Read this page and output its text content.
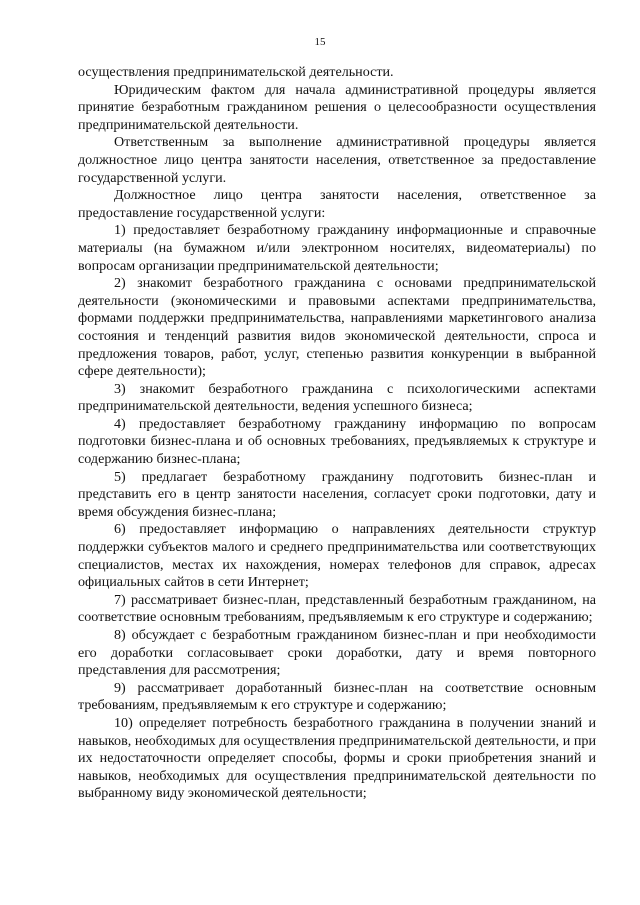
15

осуществления предпринимательской деятельности.

Юридическим фактом для начала административной процедуры является принятие безработным гражданином решения о целесообразности осуществления предпринимательской деятельности.

Ответственным за выполнение административной процедуры является должностное лицо центра занятости населения, ответственное за предоставление государственной услуги.

Должностное лицо центра занятости населения, ответственное за предоставление государственной услуги:

1) предоставляет безработному гражданину информационные и справочные материалы (на бумажном и/или электронном носителях, видеоматериалы) по вопросам организации предпринимательской деятельности;

2) знакомит безработного гражданина с основами предпринимательской деятельности (экономическими и правовыми аспектами предпринимательства, формами поддержки предпринимательства, направлениями маркетингового анализа состояния и тенденций развития видов экономической деятельности, спроса и предложения товаров, работ, услуг, степенью развития конкуренции в выбранной сфере деятельности);

3) знакомит безработного гражданина с психологическими аспектами предпринимательской деятельности, ведения успешного бизнеса;

4) предоставляет безработному гражданину информацию по вопросам подготовки бизнес-плана и об основных требованиях, предъявляемых к структуре и содержанию бизнес-плана;

5) предлагает безработному гражданину подготовить бизнес-план и представить его в центр занятости населения, согласует сроки подготовки, дату и время обсуждения бизнес-плана;

6) предоставляет информацию о направлениях деятельности структур поддержки субъектов малого и среднего предпринимательства или соответствующих специалистов, местах их нахождения, номерах телефонов для справок, адресах официальных сайтов в сети Интернет;

7) рассматривает бизнес-план, представленный безработным гражданином, на соответствие основным требованиям, предъявляемым к его структуре и содержанию;

8) обсуждает с безработным гражданином бизнес-план и при необходимости его доработки согласовывает сроки доработки, дату и время повторного представления для рассмотрения;

9) рассматривает доработанный бизнес-план на соответствие основным требованиям, предъявляемым к его структуре и содержанию;

10) определяет потребность безработного гражданина в получении знаний и навыков, необходимых для осуществления предпринимательской деятельности, и при их недостаточности определяет способы, формы и сроки приобретения знаний и навыков, необходимых для осуществления предпринимательской деятельности по выбранному виду экономической деятельности;
